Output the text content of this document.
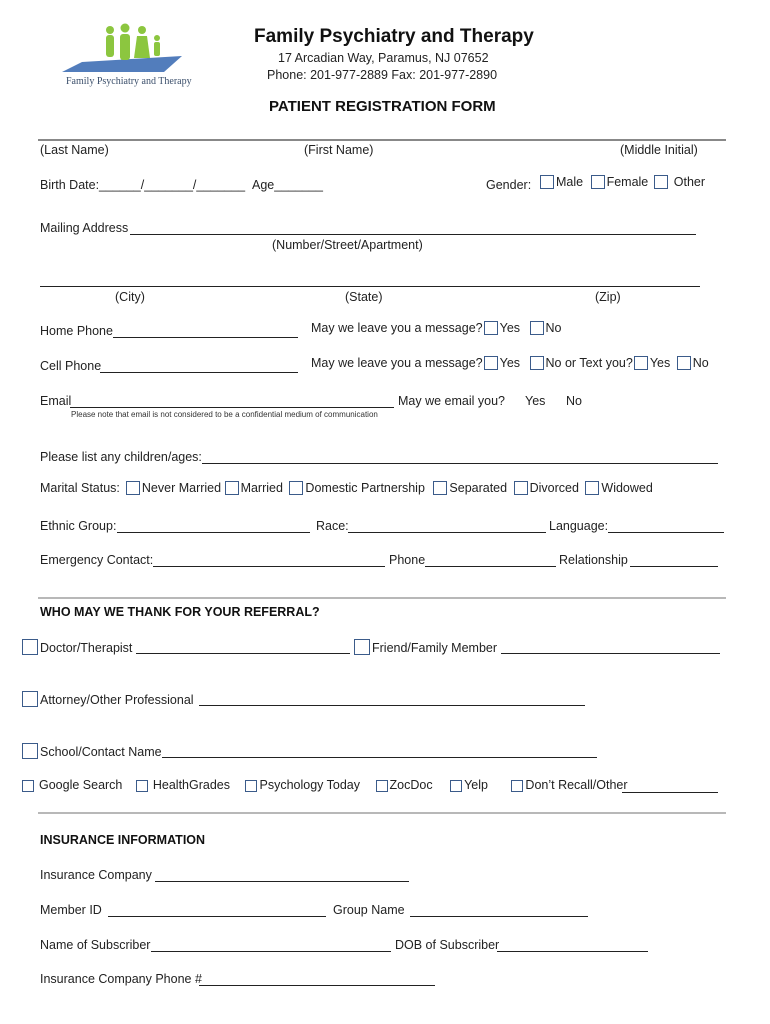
Family Psychiatry and Therapy
Family Psychiatry and Therapy
17 Arcadian Way, Paramus, NJ 07652
Phone: 201-977-2889 Fax: 201-977-2890
PATIENT REGISTRATION FORM
(Last Name)	(First Name)	(Middle Initial)
Birth Date:______/_______/_______ Age_______	Gender:	Male Female Other
Mailing Address
(Number/Street/Apartment)
(City)	(State)	(Zip)
Home Phone	May we leave you a message? Yes No
Cell Phone	May we leave you a message? Yes No or Text you? Yes No
Email	May we email you? Yes No
Please note that email is not considered to be a confidential medium of communication
Please list any children/ages:
Marital Status: Never Married Married Domestic Partnership Separated Divorced Widowed
Ethnic Group:	Race:	Language:
Emergency Contact:	Phone	Relationship
WHO MAY WE THANK FOR YOUR REFERRAL?
Doctor/Therapist	Friend/Family Member
Attorney/Other Professional
School/Contact Name
Google Search HealthGrades Psychology Today ZocDoc	Yelp	Don’t Recall/Other
INSURANCE INFORMATION
Insurance Company
Member ID	Group Name
Name of Subscriber	DOB of Subscriber
Insurance Company Phone #
